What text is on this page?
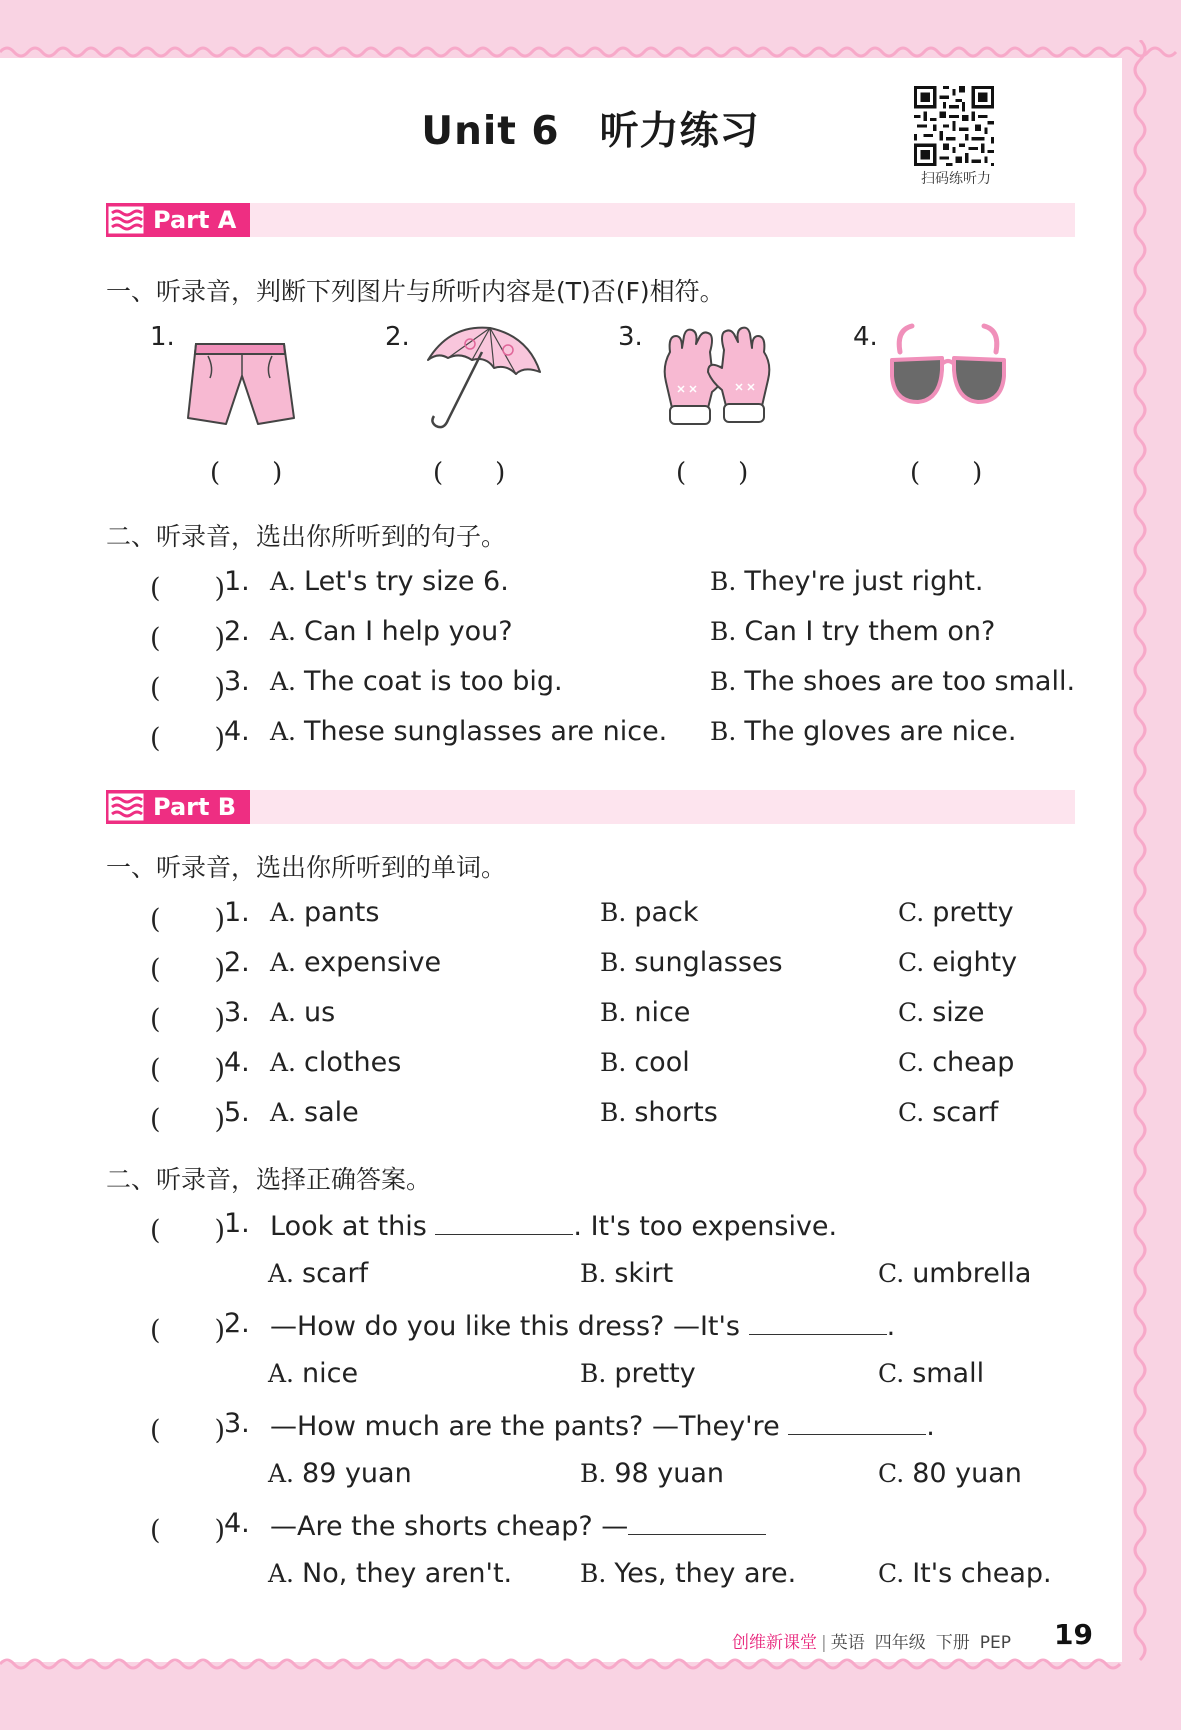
Unit 6 听力练习
扫码练听力
Part A
一、听录音，判断下列图片与所听内容是(T)否(F)相符。
1.
(　　)
2.
(　　)
3.
(　　)
4.
(　　)
二、听录音，选出你所听到的句子。
(　　)
1. A. Let's try size 6.	B. They're just right.
(　　)
2. A. Can I help you?	B. Can I try them on?
(　　)
3. A. The coat is too big.	B. The shoes are too small.
(　　)
4. A. These sunglasses are nice. B. The gloves are nice.
Part B
一、听录音，选出你所听到的单词。
(　　)
1. A. pants	B. pack	C. pretty
(　　)
2. A. expensive	B. sunglasses	C. eighty
(　　)
3. A. us	B. nice	C. size
(　　)
4. A. clothes	B. cool	C. cheap
(　　)
5. A. sale	B. shorts	C. scarf
二、听录音，选择正确答案。
(　　)
1. Look at this	. It's too expensive.
A. scarf	B. skirt	C. umbrella
(　　)
2. —How do you like this dress? —It's	.
A. nice	B. pretty	C. small
(　　)
3. —How much are the pants? —They're	.
A. 89 yuan	B. 98 yuan	C. 80 yuan
(　　)
4. —Are the shorts cheap? —
A. No, they aren't.	B. Yes, they are.	C. It's cheap.
创维新课堂 | 英语 四年级 下册 PEP	19
